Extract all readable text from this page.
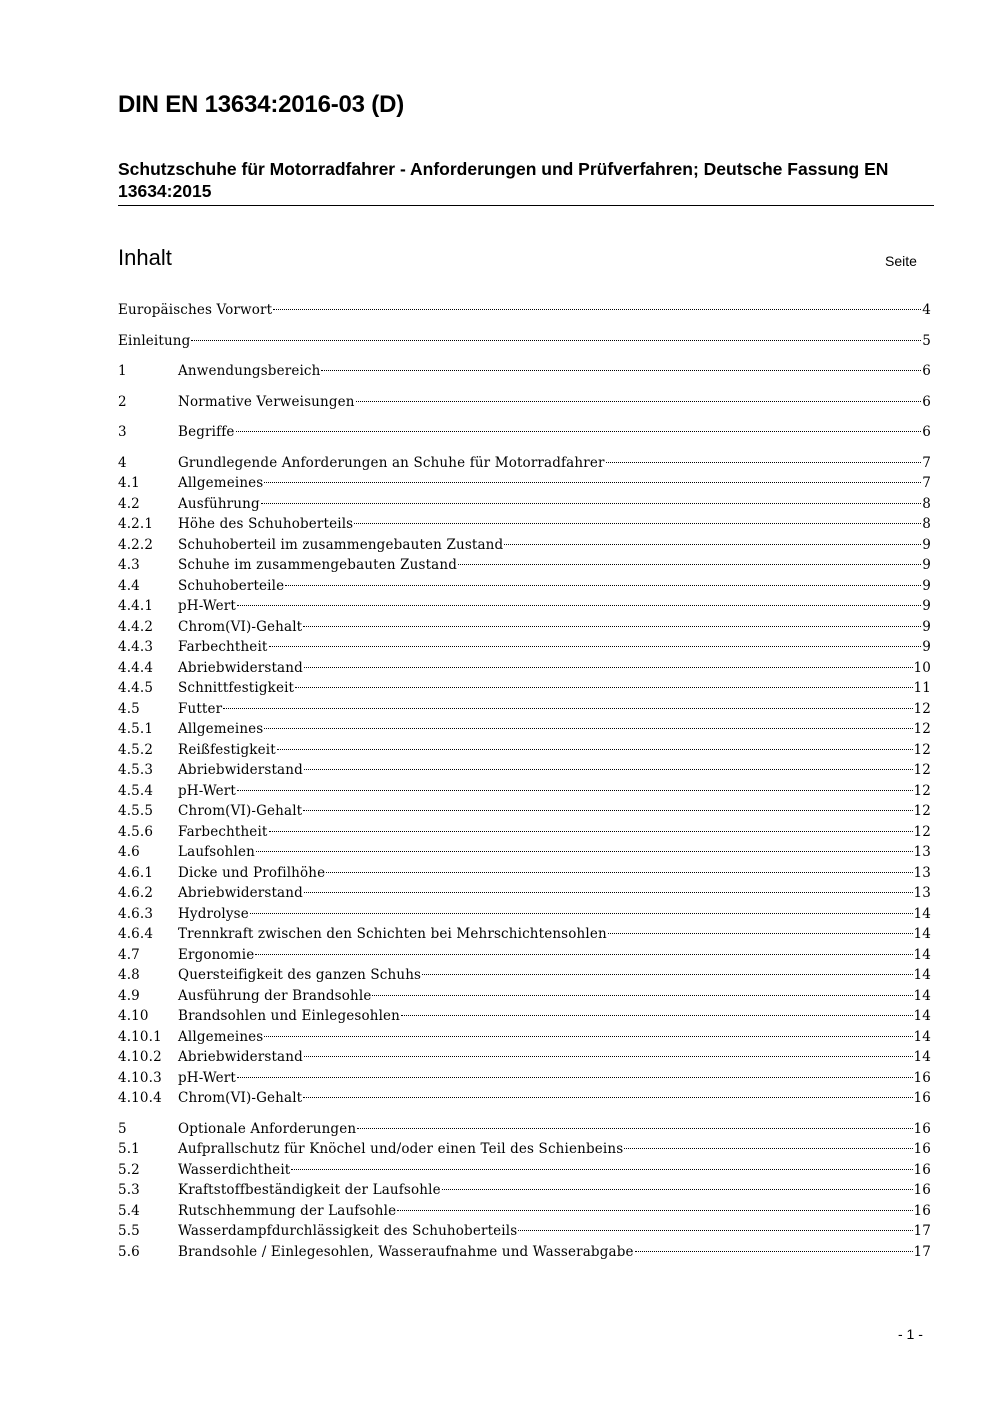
DIN EN 13634:2016-03 (D)
Schutzschuhe für Motorradfahrer - Anforderungen und Prüfverfahren; Deutsche Fassung EN 13634:2015
Inhalt	Seite
Europäisches Vorwort	4
Einleitung	5
1	Anwendungsbereich	6
2	Normative Verweisungen	6
3	Begriffe	6
4	Grundlegende Anforderungen an Schuhe für Motorradfahrer	7
4.1	Allgemeines	7
4.2	Ausführung	8
4.2.1	Höhe des Schuhoberteils	8
4.2.2	Schuhoberteil im zusammengebauten Zustand	9
4.3	Schuhe im zusammengebauten Zustand	9
4.4	Schuhoberteile	9
4.4.1	pH-Wert	9
4.4.2	Chrom(VI)-Gehalt	9
4.4.3	Farbechtheit	9
4.4.4	Abriebwiderstand	10
4.4.5	Schnittfestigkeit	11
4.5	Futter	12
4.5.1	Allgemeines	12
4.5.2	Reißfestigkeit	12
4.5.3	Abriebwiderstand	12
4.5.4	pH-Wert	12
4.5.5	Chrom(VI)-Gehalt	12
4.5.6	Farbechtheit	12
4.6	Laufsohlen	13
4.6.1	Dicke und Profilhöhe	13
4.6.2	Abriebwiderstand	13
4.6.3	Hydrolyse	14
4.6.4	Trennkraft zwischen den Schichten bei Mehrschichtensohlen	14
4.7	Ergonomie	14
4.8	Quersteifigkeit des ganzen Schuhs	14
4.9	Ausführung der Brandsohle	14
4.10	Brandsohlen und Einlegesohlen	14
4.10.1	Allgemeines	14
4.10.2	Abriebwiderstand	14
4.10.3	pH-Wert	16
4.10.4	Chrom(VI)-Gehalt	16
5	Optionale Anforderungen	16
5.1	Aufprallschutz für Knöchel und/oder einen Teil des Schienbeins	16
5.2	Wasserdichtheit	16
5.3	Kraftstoffbeständigkeit der Laufsohle	16
5.4	Rutschhemmung der Laufsohle	16
5.5	Wasserdampfdurchlässigkeit des Schuhoberteils	17
5.6	Brandsohle / Einlegesohlen, Wasseraufnahme und Wasserabgabe	17
- 1 -
